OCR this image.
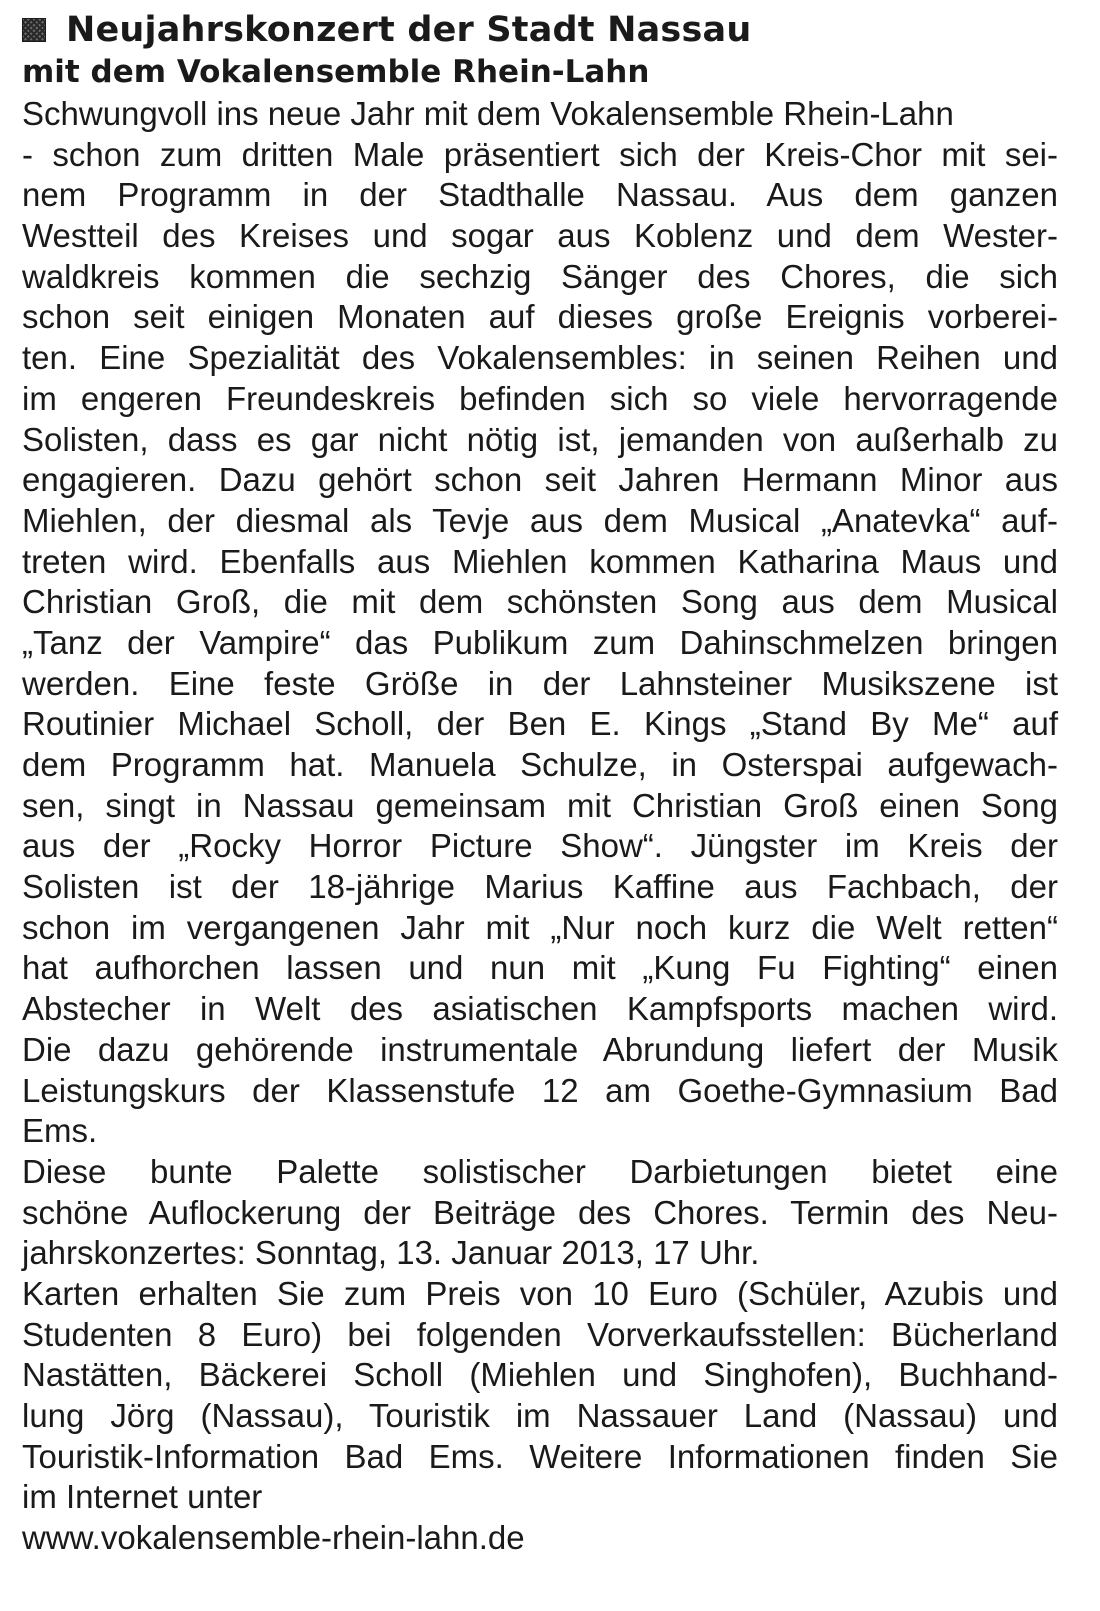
Neujahrskonzert der Stadt Nassau
mit dem Vokalensemble Rhein-Lahn
Schwungvoll ins neue Jahr mit dem Vokalensemble Rhein-Lahn
- schon zum dritten Male präsentiert sich der Kreis-Chor mit sei-
nem Programm in der Stadthalle Nassau. Aus dem ganzen
Westteil des Kreises und sogar aus Koblenz und dem Wester-
waldkreis kommen die sechzig Sänger des Chores, die sich
schon seit einigen Monaten auf dieses große Ereignis vorberei-
ten. Eine Spezialität des Vokalensembles: in seinen Reihen und
im engeren Freundeskreis befinden sich so viele hervorragende
Solisten, dass es gar nicht nötig ist, jemanden von außerhalb zu
engagieren. Dazu gehört schon seit Jahren Hermann Minor aus
Miehlen, der diesmal als Tevje aus dem Musical „Anatevka“ auf-
treten wird. Ebenfalls aus Miehlen kommen Katharina Maus und
Christian Groß, die mit dem schönsten Song aus dem Musical
„Tanz der Vampire“ das Publikum zum Dahinschmelzen bringen
werden. Eine feste Größe in der Lahnsteiner Musikszene ist
Routinier Michael Scholl, der Ben E. Kings „Stand By Me“ auf
dem Programm hat. Manuela Schulze, in Osterspai aufgewach-
sen, singt in Nassau gemeinsam mit Christian Groß einen Song
aus der „Rocky Horror Picture Show“. Jüngster im Kreis der
Solisten ist der 18-jährige Marius Kaffine aus Fachbach, der
schon im vergangenen Jahr mit „Nur noch kurz die Welt retten“
hat aufhorchen lassen und nun mit „Kung Fu Fighting“ einen
Abstecher in Welt des asiatischen Kampfsports machen wird.
Die dazu gehörende instrumentale Abrundung liefert der Musik
Leistungskurs der Klassenstufe 12 am Goethe-Gymnasium Bad
Ems.
Diese bunte Palette solistischer Darbietungen bietet eine
schöne Auflockerung der Beiträge des Chores. Termin des Neu-
jahrskonzertes: Sonntag, 13. Januar 2013, 17 Uhr.
Karten erhalten Sie zum Preis von 10 Euro (Schüler, Azubis und
Studenten 8 Euro) bei folgenden Vorverkaufsstellen: Bücherland
Nastätten, Bäckerei Scholl (Miehlen und Singhofen), Buchhand-
lung Jörg (Nassau), Touristik im Nassauer Land (Nassau) und
Touristik-Information Bad Ems. Weitere Informationen finden Sie
im Internet unter
www.vokalensemble-rhein-lahn.de
